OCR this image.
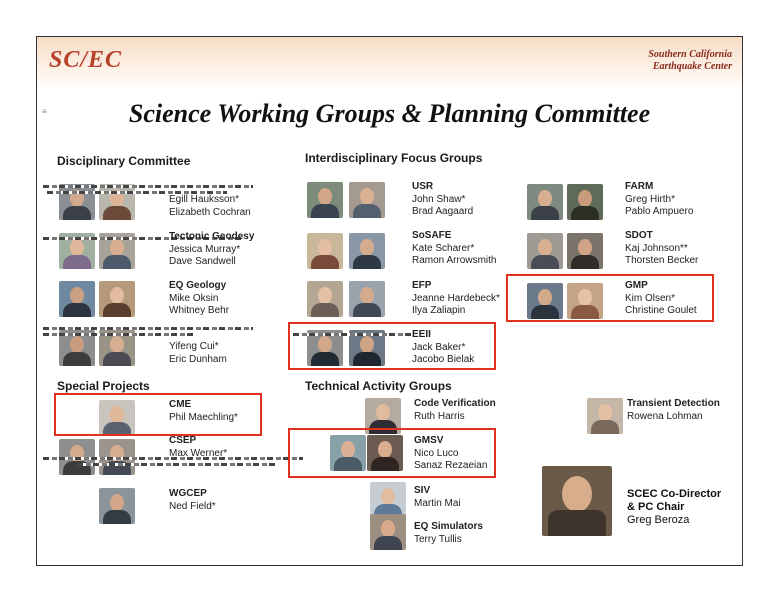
SC/EC	Southern California
Earthquake Center
≡	Science Working Groups & Planning Committee
Disciplinary Committee	Interdisciplinary Focus Groups
Special Projects	Technical Activity Groups
Egill Hauksson*
Elizabeth Cochran
Tectonic Geodesy
Jessica Murray*
Dave Sandwell
EQ Geology
Mike Oksin
Whitney Behr
Yifeng Cui*
Eric Dunham
USR
John Shaw*
Brad Aagaard
SoSAFE
Kate Scharer*
Ramon Arrowsmith
EFP
Jeanne Hardebeck*
Ilya Zaliapin
EEII
Jack Baker*
Jacobo Bielak
FARM
Greg Hirth*
Pablo Ampuero
SDOT
Kaj Johnson**
Thorsten Becker
GMP
Kim Olsen*
Christine Goulet
CME
Phil Maechling*
CSEP
Max Werner*
WGCEP
Ned Field*
Code Verification
Ruth Harris
GMSV
Nico Luco
Sanaz Rezaeian
SIV
Martin Mai
EQ Simulators
Terry Tullis
Transient Detection
Rowena Lohman
SCEC Co-Director
& PC Chair
Greg Beroza
